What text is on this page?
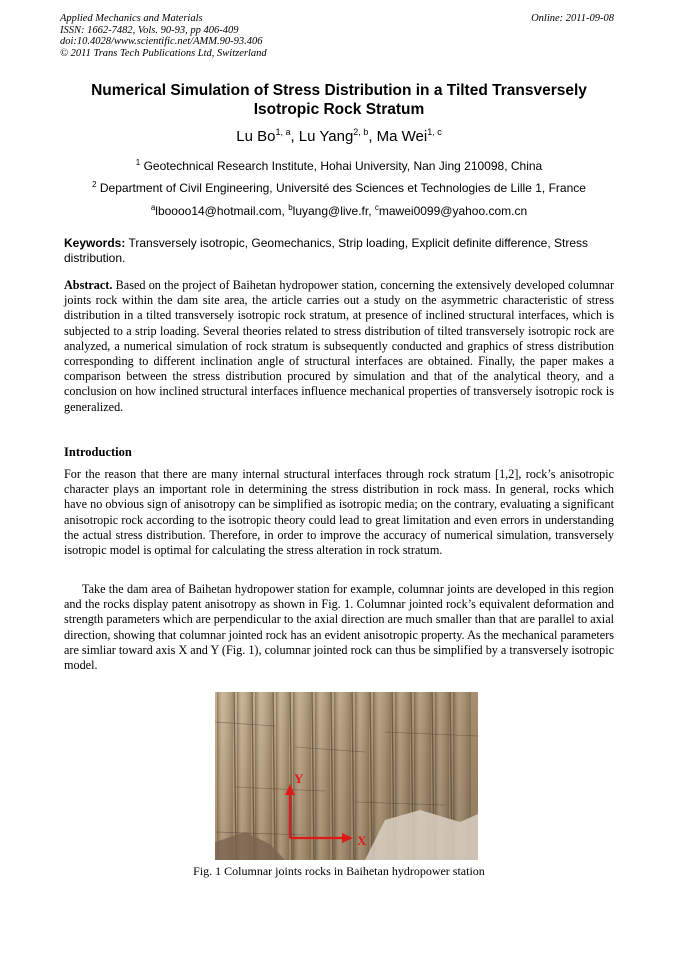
Applied Mechanics and Materials
ISSN: 1662-7482, Vols. 90-93, pp 406-409
doi:10.4028/www.scientific.net/AMM.90-93.406
© 2011 Trans Tech Publications Ltd, Switzerland
Online: 2011-09-08
Numerical Simulation of Stress Distribution in a Tilted Transversely
Isotropic Rock Stratum
Lu Bo$^{1, a}$, Lu Yang$^{2, b}$, Ma Wei$^{1, c}$
$^1$ Geotechnical Research Institute, Hohai University, Nan Jing 210098, China
$^2$ Department of Civil Engineering, Université des Sciences et Technologies de Lille 1, France
$^a$lboooo14@hotmail.com, $^b$luyang@live.fr, $^c$mawei0099@yahoo.com.cn
Keywords: Transversely isotropic, Geomechanics, Strip loading, Explicit definite difference, Stress distribution.
Abstract. Based on the project of Baihetan hydropower station, concerning the extensively developed columnar joints rock within the dam site area, the article carries out a study on the asymmetric characteristic of stress distribution in a tilted transversely isotropic rock stratum, at presence of inclined structural interfaces, which is subjected to a strip loading. Several theories related to stress distribution of tilted transversely isotropic rock are analyzed, a numerical simulation of rock stratum is subsequently conducted and graphics of stress distribution corresponding to different inclination angle of structural interfaces are obtained. Finally, the paper makes a comparison between the stress distribution procured by simulation and that of the analytical theory, and a conclusion on how inclined structural interfaces influence mechanical properties of transversely isotropic rock is generalized.
Introduction

For the reason that there are many internal structural interfaces through rock stratum [1,2], rock’s anisotropic character plays an important role in determining the stress distribution in rock mass. In general, rocks which have no obvious sign of anisotropy can be simplified as isotropic media; on the contrary, evaluating a significant anisotropic rock according to the isotropic theory could lead to great limitation and even errors in understanding the actual stress distribution. Therefore, in order to improve the accuracy of numerical simulation, transversely isotropic model is optimal for calculating the stress alteration in rock stratum.

Take the dam area of Baihetan hydropower station for example, columnar joints are developed in this region and the rocks display patent anisotropy as shown in Fig. 1. Columnar jointed rock’s equivalent deformation and strength parameters which are perpendicular to the axial direction are much smaller than that are parallel to axial direction, showing that columnar jointed rock has an evident anisotropic property. As the mechanical parameters are simliar toward axis X and Y (Fig. 1), columnar jointed rock can thus be simplified by a transversely isotropic model.

Y
X
Fig. 1 Columnar joints rocks in Baihetan hydropower station
